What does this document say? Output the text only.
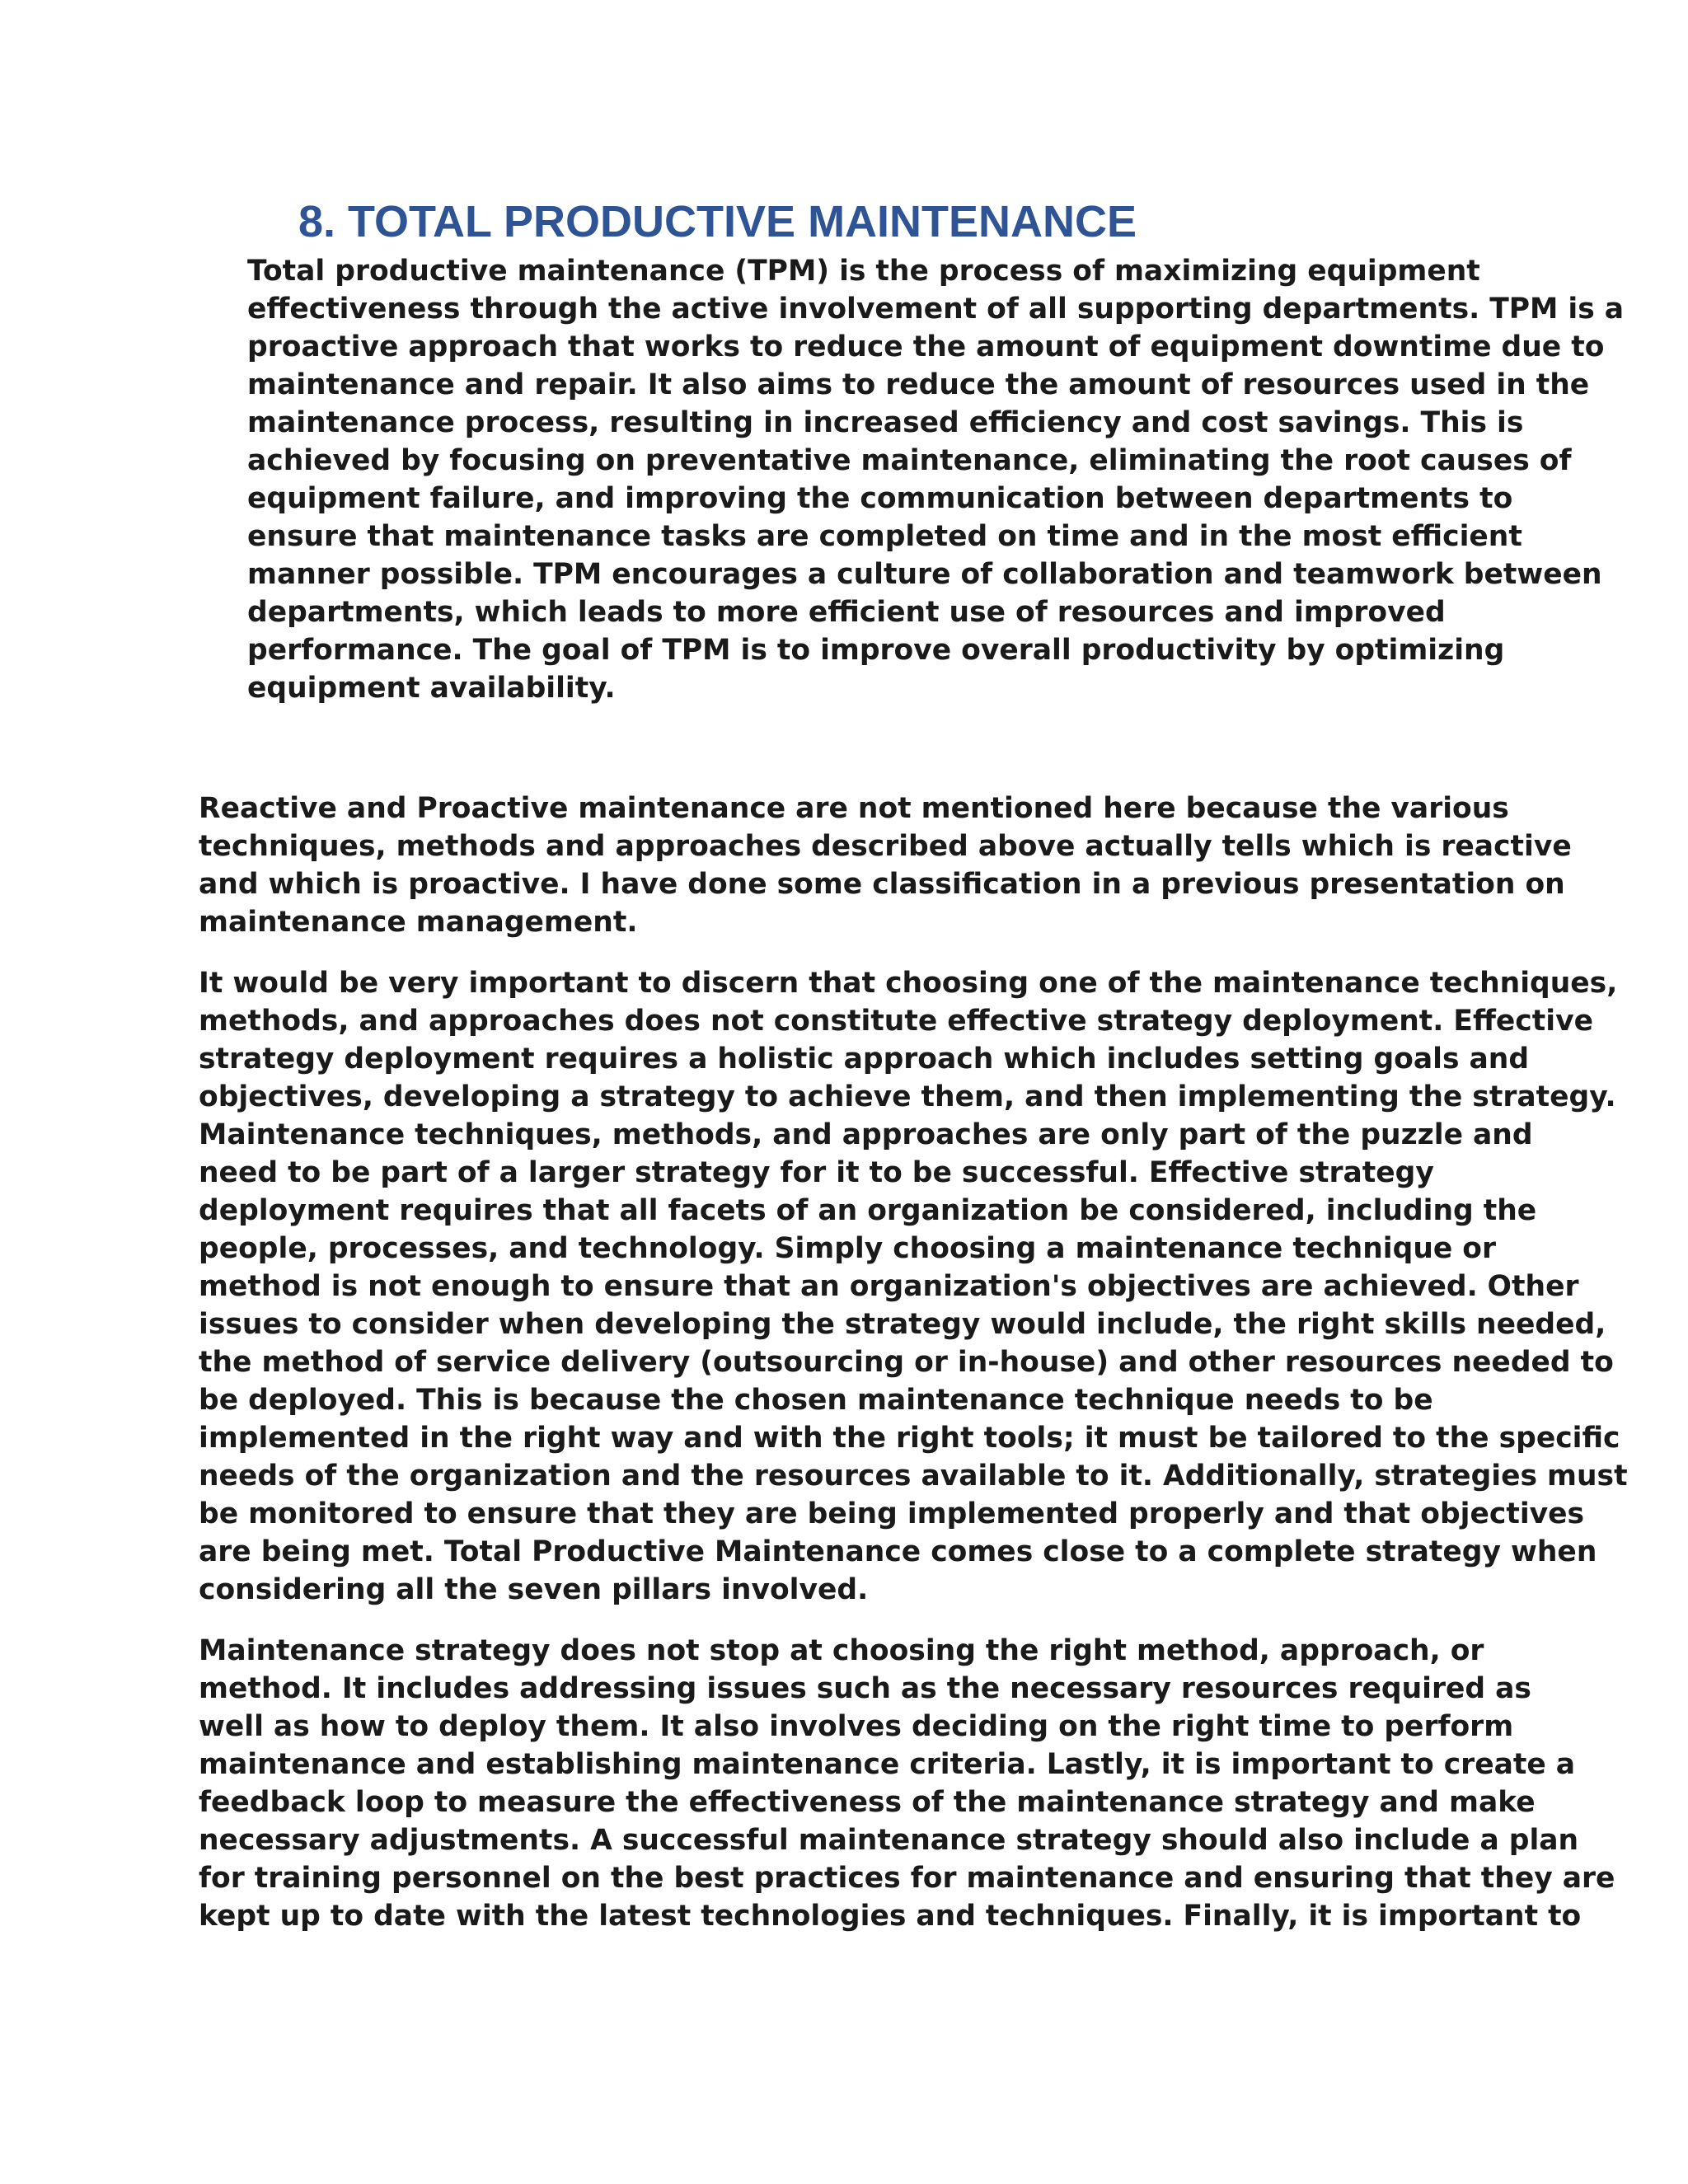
8. TOTAL PRODUCTIVE MAINTENANCE

Total productive maintenance (TPM) is the process of maximizing equipment
effectiveness through the active involvement of all supporting departments. TPM is a
proactive approach that works to reduce the amount of equipment downtime due to
maintenance and repair. It also aims to reduce the amount of resources used in the
maintenance process, resulting in increased efficiency and cost savings. This is
achieved by focusing on preventative maintenance, eliminating the root causes of
equipment failure, and improving the communication between departments to
ensure that maintenance tasks are completed on time and in the most efficient
manner possible. TPM encourages a culture of collaboration and teamwork between
departments, which leads to more efficient use of resources and improved
performance. The goal of TPM is to improve overall productivity by optimizing
equipment availability.

Reactive and Proactive maintenance are not mentioned here because the various
techniques, methods and approaches described above actually tells which is reactive
and which is proactive. I have done some classification in a previous presentation on
maintenance management.

It would be very important to discern that choosing one of the maintenance techniques,
methods, and approaches does not constitute effective strategy deployment. Effective
strategy deployment requires a holistic approach which includes setting goals and
objectives, developing a strategy to achieve them, and then implementing the strategy.
Maintenance techniques, methods, and approaches are only part of the puzzle and
need to be part of a larger strategy for it to be successful. Effective strategy
deployment requires that all facets of an organization be considered, including the
people, processes, and technology. Simply choosing a maintenance technique or
method is not enough to ensure that an organization's objectives are achieved. Other
issues to consider when developing the strategy would include, the right skills needed,
the method of service delivery (outsourcing or in-house) and other resources needed to
be deployed. This is because the chosen maintenance technique needs to be
implemented in the right way and with the right tools; it must be tailored to the specific
needs of the organization and the resources available to it. Additionally, strategies must
be monitored to ensure that they are being implemented properly and that objectives
are being met. Total Productive Maintenance comes close to a complete strategy when
considering all the seven pillars involved.

Maintenance strategy does not stop at choosing the right method, approach, or
method. It includes addressing issues such as the necessary resources required as
well as how to deploy them. It also involves deciding on the right time to perform
maintenance and establishing maintenance criteria. Lastly, it is important to create a
feedback loop to measure the effectiveness of the maintenance strategy and make
necessary adjustments. A successful maintenance strategy should also include a plan
for training personnel on the best practices for maintenance and ensuring that they are
kept up to date with the latest technologies and techniques. Finally, it is important to
